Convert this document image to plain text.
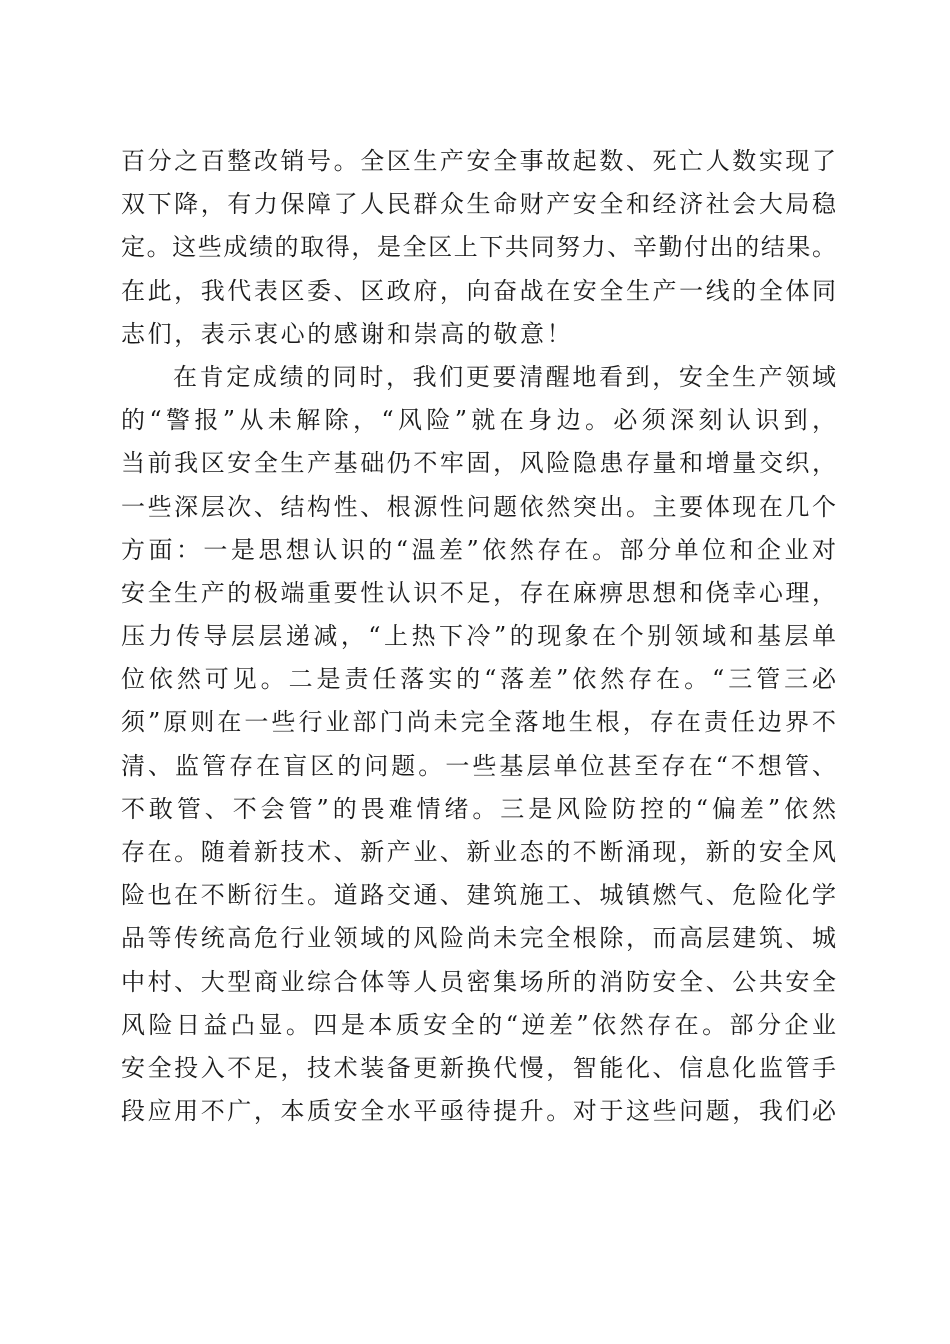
百分之百整改销号。全区生产安全事故起数、死亡人数实现了
双下降，有力保障了人民群众生命财产安全和经济社会大局稳
定。这些成绩的取得，是全区上下共同努力、辛勤付出的结果。
在此，我代表区委、区政府，向奋战在安全生产一线的全体同
志们，表示衷心的感谢和崇高的敬意！
在肯定成绩的同时，我们更要清醒地看到，安全生产领域
的“警报”从未解除，“风险”就在身边。必须深刻认识到，
当前我区安全生产基础仍不牢固，风险隐患存量和增量交织，
一些深层次、结构性、根源性问题依然突出。主要体现在几个
方面：一是思想认识的“温差”依然存在。部分单位和企业对
安全生产的极端重要性认识不足，存在麻痹思想和侥幸心理，
压力传导层层递减，“上热下冷”的现象在个别领域和基层单
位依然可见。二是责任落实的“落差”依然存在。“三管三必
须”原则在一些行业部门尚未完全落地生根，存在责任边界不
清、监管存在盲区的问题。一些基层单位甚至存在“不想管、
不敢管、不会管”的畏难情绪。三是风险防控的“偏差”依然
存在。随着新技术、新产业、新业态的不断涌现，新的安全风
险也在不断衍生。道路交通、建筑施工、城镇燃气、危险化学
品等传统高危行业领域的风险尚未完全根除，而高层建筑、城
中村、大型商业综合体等人员密集场所的消防安全、公共安全
风险日益凸显。四是本质安全的“逆差”依然存在。部分企业
安全投入不足，技术装备更新换代慢，智能化、信息化监管手
段应用不广，本质安全水平亟待提升。对于这些问题，我们必
